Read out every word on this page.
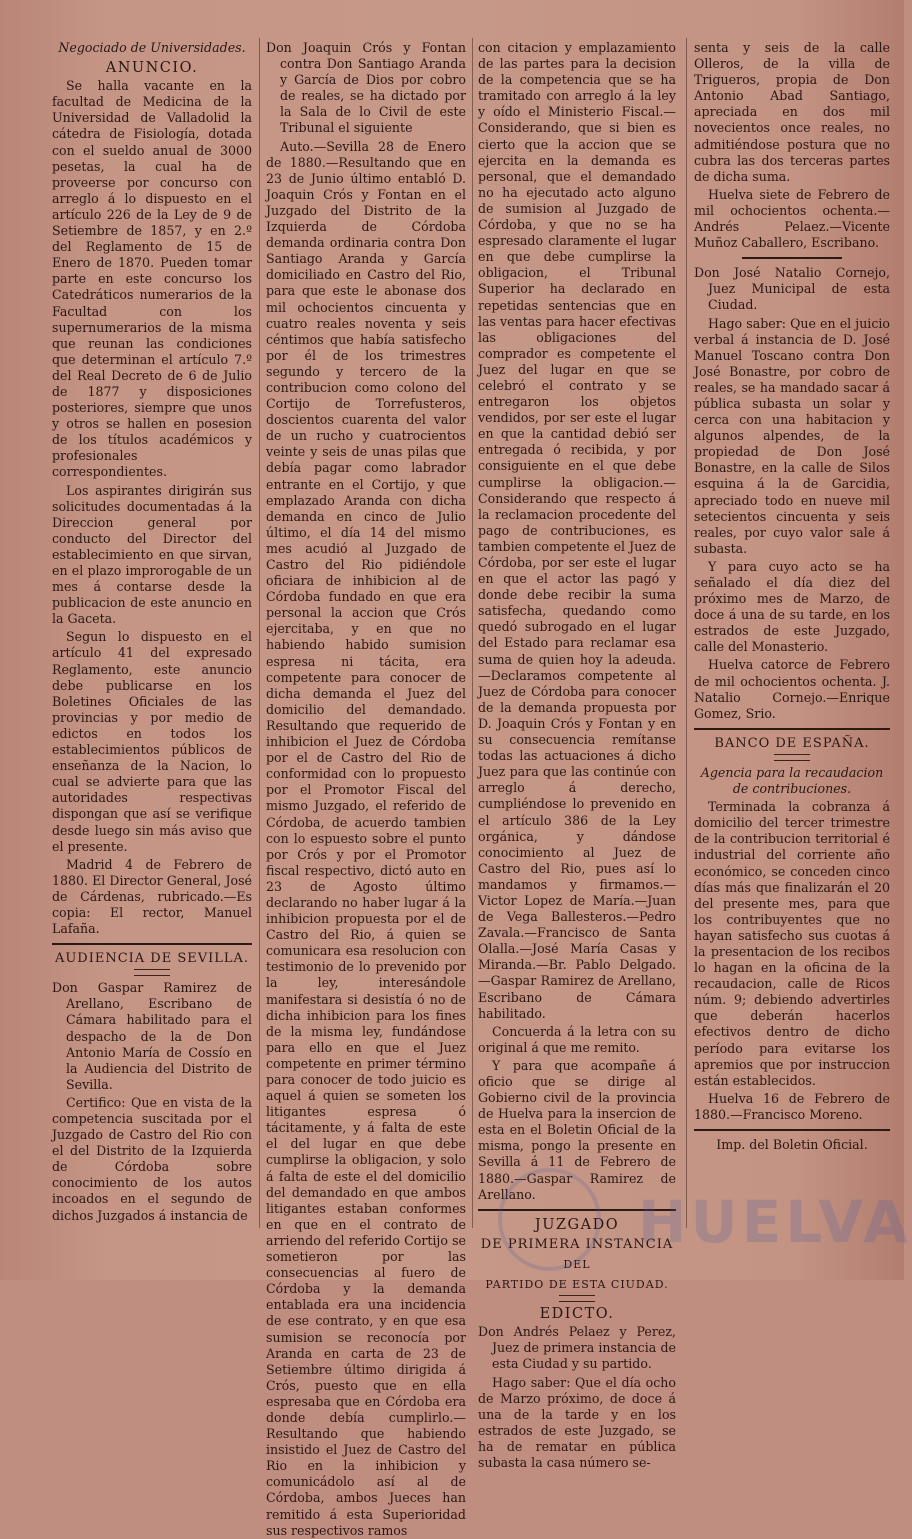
Negociado de Universidades.

ANUNCIO.

Se halla vacante en la facultad de Medicina de la Universidad de Valladolid la cátedra de Fisiología, dotada con el sueldo anual de 3000 pesetas, la cual ha de proveerse por concurso con arreglo á lo dispuesto en el artículo 226 de la Ley de 9 de Setiembre de 1857, y en 2.º del Reglamento de 15 de Enero de 1870. Pueden tomar parte en este concurso los Catedráticos numerarios de la Facultad con los supernumerarios de la misma que reunan las condiciones que determinan el artículo 7.º del Real Decreto de 6 de Julio de 1877 y disposiciones posteriores, siempre que unos y otros se hallen en posesion de los títulos académicos y profesionales correspondientes.

Los aspirantes dirigirán sus solicitudes documentadas á la Direccion general por conducto del Director del establecimiento en que sirvan, en el plazo improrogable de un mes á contarse desde la publicacion de este anuncio en la Gaceta.

Segun lo dispuesto en el artículo 41 del expresado Reglamento, este anuncio debe publicarse en los Boletines Oficiales de las provincias y por medio de edictos en todos los establecimientos públicos de enseñanza de la Nacion, lo cual se advierte para que las autoridades respectivas dispongan que así se verifique desde luego sin más aviso que el presente.

Madrid 4 de Febrero de 1880. El Director General, José de Cárdenas, rubricado.—Es copia: El rector, Manuel Lafaña.

AUDIENCIA DE SEVILLA.

Don Gaspar Ramirez de Arellano, Escribano de Cámara habilitado para el despacho de la de Don Antonio María de Cossío en la Audiencia del Distrito de Sevilla.

Certifico: Que en vista de la competencia suscitada por el Juzgado de Castro del Rio con el del Distrito de la Izquierda de Córdoba sobre conocimiento de los autos incoados en el segundo de dichos Juzgados á instancia de

Don Joaquin Crós y Fontan contra Don Santiago Aranda y García de Dios por cobro de reales, se ha dictado por la Sala de lo Civil de este Tribunal el siguiente

Auto.—Sevilla 28 de Enero de 1880.—Resultando que en 23 de Junio último entabló D. Joaquin Crós y Fontan en el Juzgado del Distrito de la Izquierda de Córdoba demanda ordinaria contra Don Santiago Aranda y García domiciliado en Castro del Rio, para que este le abonase dos mil ochocientos cincuenta y cuatro reales noventa y seis céntimos que había satisfecho por él de los trimestres segundo y tercero de la contribucion como colono del Cortijo de Torrefusteros, doscientos cuarenta del valor de un rucho y cuatrocientos veinte y seis de unas pilas que debía pagar como labrador entrante en el Cortijo, y que emplazado Aranda con dicha demanda en cinco de Julio último, el día 14 del mismo mes acudió al Juzgado de Castro del Rio pidiéndole oficiara de inhibicion al de Córdoba fundado en que era personal la accion que Crós ejercitaba, y en que no habiendo habido sumision espresa ni tácita, era competente para conocer de dicha demanda el Juez del domicilio del demandado. Resultando que requerido de inhibicion el Juez de Córdoba por el de Castro del Rio de conformidad con lo propuesto por el Promotor Fiscal del mismo Juzgado, el referido de Córdoba, de acuerdo tambien con lo espuesto sobre el punto por Crós y por el Promotor fiscal respectivo, dictó auto en 23 de Agosto último declarando no haber lugar á la inhibicion propuesta por el de Castro del Rio, á quien se comunicara esa resolucion con testimonio de lo prevenido por la ley, interesándole manifestara si desistía ó no de dicha inhibicion para los fines de la misma ley, fundándose para ello en que el Juez competente en primer término para conocer de todo juicio es aquel á quien se someten los litigantes espresa ó tácitamente, y á falta de este el del lugar en que debe cumplirse la obligacion, y solo á falta de este el del domicilio del demandado en que ambos litigantes estaban conformes en que en el contrato de arriendo del referido Cortijo se sometieron por las consecuencias al fuero de Córdoba y la demanda entablada era una incidencia de ese contrato, y en que esa sumision se reconocía por Aranda en carta de 23 de Setiembre último dirigida á Crós, puesto que en ella espresaba que en Córdoba era donde debía cumplirlo.—Resultando que habiendo insistido el Juez de Castro del Rio en la inhibicion y comunicádolo así al de Córdoba, ambos Jueces han remitido á esta Superioridad sus respectivos ramos

con citacion y emplazamiento de las partes para la decision de la competencia que se ha tramitado con arreglo á la ley y oído el Ministerio Fiscal.—Considerando, que si bien es cierto que la accion que se ejercita en la demanda es personal, que el demandado no ha ejecutado acto alguno de sumision al Juzgado de Córdoba, y que no se ha espresado claramente el lugar en que debe cumplirse la obligacion, el Tribunal Superior ha declarado en repetidas sentencias que en las ventas para hacer efectivas las obligaciones del comprador es competente el Juez del lugar en que se celebró el contrato y se entregaron los objetos vendidos, por ser este el lugar en que la cantidad debió ser entregada ó recibida, y por consiguiente en el que debe cumplirse la obligacion.—Considerando que respecto á la reclamacion procedente del pago de contribuciones, es tambien competente el Juez de Córdoba, por ser este el lugar en que el actor las pagó y donde debe recibir la suma satisfecha, quedando como quedó subrogado en el lugar del Estado para reclamar esa suma de quien hoy la adeuda.—Declaramos competente al Juez de Córdoba para conocer de la demanda propuesta por D. Joaquin Crós y Fontan y en su consecuencia remítanse todas las actuaciones á dicho Juez para que las continúe con arreglo á derecho, cumpliéndose lo prevenido en el artículo 386 de la Ley orgánica, y dándose conocimiento al Juez de Castro del Rio, pues así lo mandamos y firmamos.—Victor Lopez de María.—Juan de Vega Ballesteros.—Pedro Zavala.—Francisco de Santa Olalla.—José María Casas y Miranda.—Br. Pablo Delgado.—Gaspar Ramirez de Arellano, Escribano de Cámara habilitado.

Concuerda á la letra con su original á que me remito.

Y para que acompañe á oficio que se dirige al Gobierno civil de la provincia de Huelva para la insercion de esta en el Boletin Oficial de la misma, pongo la presente en Sevilla á 11 de Febrero de 1880.—Gaspar Ramirez de Arellano.

JUZGADO
DE PRIMERA INSTANCIA
DEL
PARTIDO DE ESTA CIUDAD.
EDICTO.

Don Andrés Pelaez y Perez, Juez de primera instancia de esta Ciudad y su partido.

Hago saber: Que el día ocho de Marzo próximo, de doce á una de la tarde y en los estrados de este Juzgado, se ha de rematar en pública subasta la casa número se-

senta y seis de la calle Olleros, de la villa de Trigueros, propia de Don Antonio Abad Santiago, apreciada en dos mil novecientos once reales, no admitiéndose postura que no cubra las dos terceras partes de dicha suma.

Huelva siete de Febrero de mil ochocientos ochenta.—Andrés Pelaez.—Vicente Muñoz Caballero, Escribano.

Don José Natalio Cornejo, Juez Municipal de esta Ciudad.

Hago saber: Que en el juicio verbal á instancia de D. José Manuel Toscano contra Don José Bonastre, por cobro de reales, se ha mandado sacar á pública subasta un solar y cerca con una habitacion y algunos alpendes, de la propiedad de Don José Bonastre, en la calle de Silos esquina á la de Garcidia, apreciado todo en nueve mil setecientos cincuenta y seis reales, por cuyo valor sale á subasta.

Y para cuyo acto se ha señalado el día diez del próximo mes de Marzo, de doce á una de su tarde, en los estrados de este Juzgado, calle del Monasterio.

Huelva catorce de Febrero de mil ochocientos ochenta. J. Natalio Cornejo.—Enrique Gomez, Srio.

BANCO DE ESPAÑA.

Agencia para la recaudacion de contribuciones.

Terminada la cobranza á domicilio del tercer trimestre de la contribucion territorial é industrial del corriente año económico, se conceden cinco días más que finalizarán el 20 del presente mes, para que los contribuyentes que no hayan satisfecho sus cuotas á la presentacion de los recibos lo hagan en la oficina de la recaudacion, calle de Ricos núm. 9; debiendo advertirles que deberán hacerlos efectivos dentro de dicho período para evitarse los apremios que por instruccion están establecidos.

Huelva 16 de Febrero de 1880.—Francisco Moreno.

Imp. del Boletin Oficial.

HUELVA
